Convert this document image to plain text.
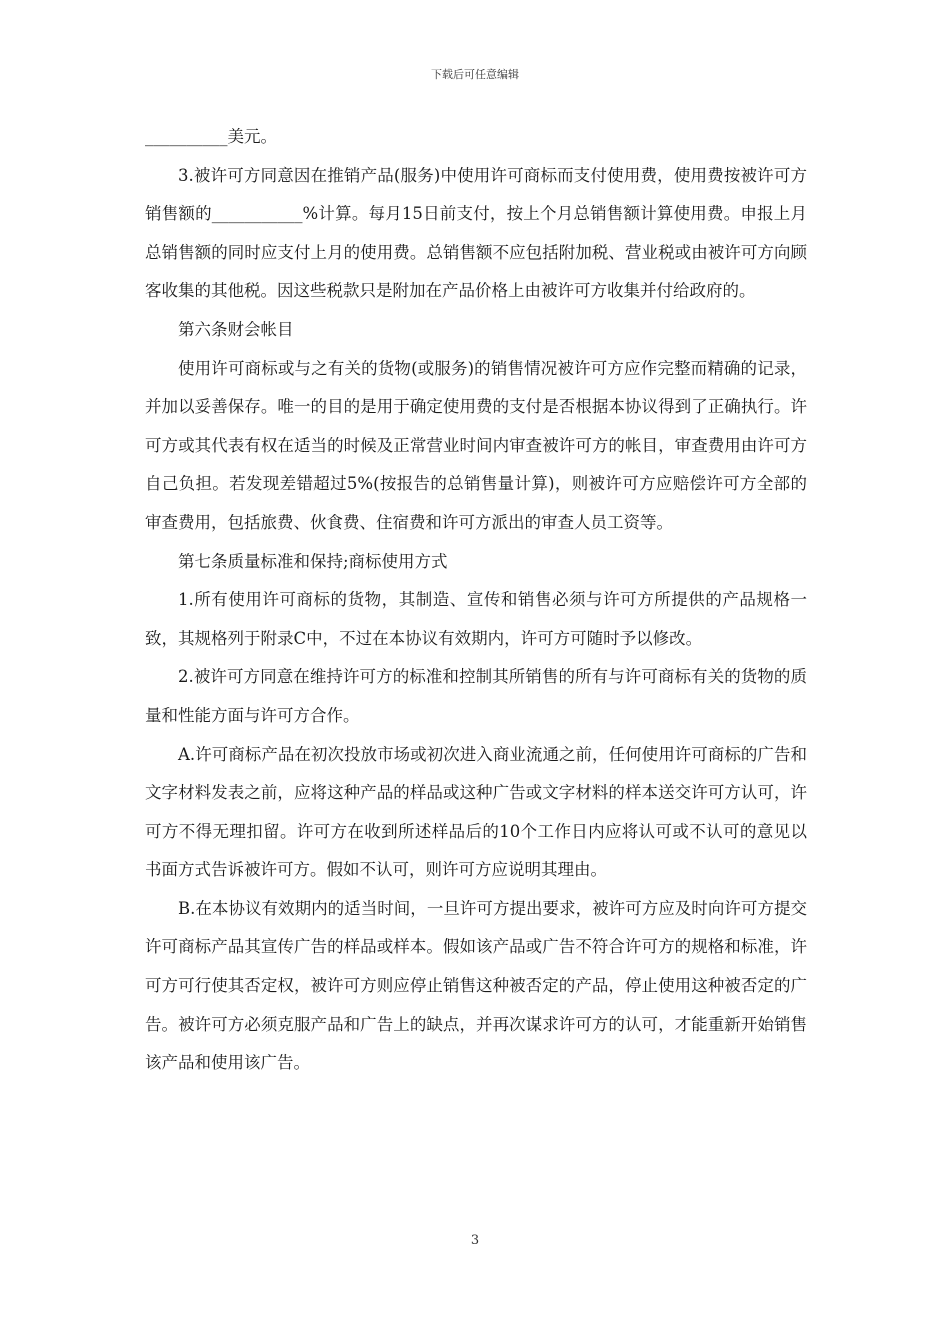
下载后可任意编辑

__________美元。

3.被许可方同意因在推销产品(服务)中使用许可商标而支付使用费，使用费按被许可方销售额的___________%计算。每月15日前支付，按上个月总销售额计算使用费。申报上月总销售额的同时应支付上月的使用费。总销售额不应包括附加税、营业税或由被许可方向顾客收集的其他税。因这些税款只是附加在产品价格上由被许可方收集并付给政府的。

第六条财会帐目

使用许可商标或与之有关的货物(或服务)的销售情况被许可方应作完整而精确的记录，并加以妥善保存。唯一的目的是用于确定使用费的支付是否根据本协议得到了正确执行。许可方或其代表有权在适当的时候及正常营业时间内审查被许可方的帐目，审查费用由许可方自己负担。若发现差错超过5%(按报告的总销售量计算)，则被许可方应赔偿许可方全部的审查费用，包括旅费、伙食费、住宿费和许可方派出的审查人员工资等。

第七条质量标准和保持;商标使用方式

1.所有使用许可商标的货物，其制造、宣传和销售必须与许可方所提供的产品规格一致，其规格列于附录C中，不过在本协议有效期内，许可方可随时予以修改。

2.被许可方同意在维持许可方的标准和控制其所销售的所有与许可商标有关的货物的质量和性能方面与许可方合作。

A.许可商标产品在初次投放市场或初次进入商业流通之前，任何使用许可商标的广告和文字材料发表之前，应将这种产品的样品或这种广告或文字材料的样本送交许可方认可，许可方不得无理扣留。许可方在收到所述样品后的10个工作日内应将认可或不认可的意见以书面方式告诉被许可方。假如不认可，则许可方应说明其理由。

B.在本协议有效期内的适当时间，一旦许可方提出要求，被许可方应及时向许可方提交许可商标产品其宣传广告的样品或样本。假如该产品或广告不符合许可方的规格和标准，许可方可行使其否定权，被许可方则应停止销售这种被否定的产品，停止使用这种被否定的广告。被许可方必须克服产品和广告上的缺点，并再次谋求许可方的认可，才能重新开始销售该产品和使用该广告。

3
